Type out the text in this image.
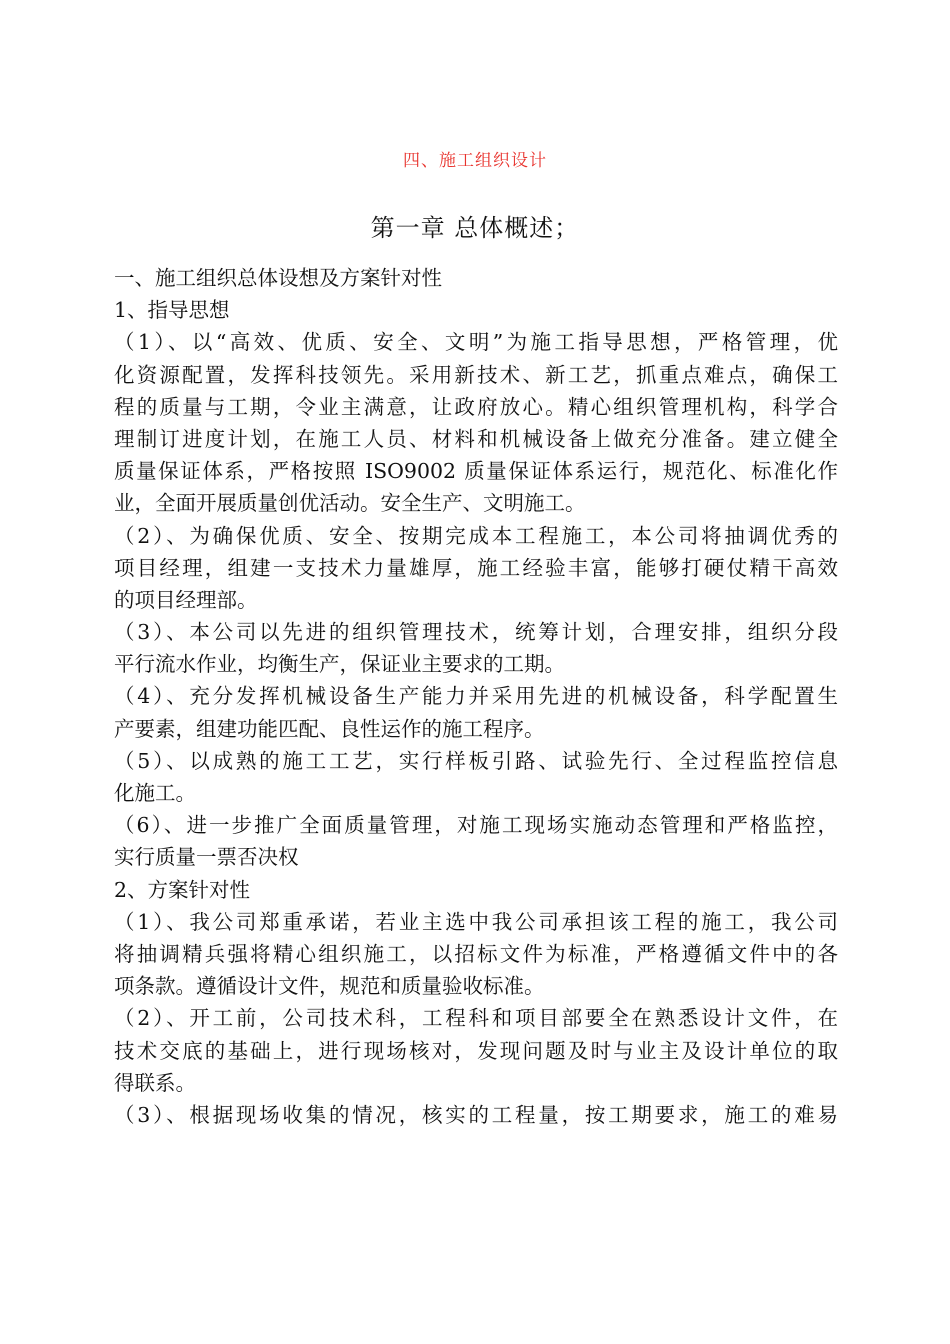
四、施工组织设计
第一章 总体概述；
一、施工组织总体设想及方案针对性
1、指导思想
（1）、以“高效、优质、安全、文明”为施工指导思想，严格管理，优
化资源配置，发挥科技领先。采用新技术、新工艺，抓重点难点，确保工
程的质量与工期，令业主满意，让政府放心。精心组织管理机构，科学合
理制订进度计划，在施工人员、材料和机械设备上做充分准备。建立健全
质量保证体系，严格按照 ISO9002 质量保证体系运行，规范化、标准化作
业，全面开展质量创优活动。安全生产、文明施工。
（2）、为确保优质、安全、按期完成本工程施工，本公司将抽调优秀的
项目经理，组建一支技术力量雄厚，施工经验丰富，能够打硬仗精干高效
的项目经理部。
（3）、本公司以先进的组织管理技术，统筹计划，合理安排，组织分段
平行流水作业，均衡生产，保证业主要求的工期。
（4）、充分发挥机械设备生产能力并采用先进的机械设备，科学配置生
产要素，组建功能匹配、良性运作的施工程序。
（5）、以成熟的施工工艺，实行样板引路、试验先行、全过程监控信息
化施工。
（6）、进一步推广全面质量管理，对施工现场实施动态管理和严格监控，
实行质量一票否决权
2、方案针对性
（1）、我公司郑重承诺，若业主选中我公司承担该工程的施工，我公司
将抽调精兵强将精心组织施工，以招标文件为标准，严格遵循文件中的各
项条款。遵循设计文件，规范和质量验收标准。
（2）、开工前，公司技术科，工程科和项目部要全在熟悉设计文件，在
技术交底的基础上，进行现场核对，发现问题及时与业主及设计单位的取
得联系。
（3）、根据现场收集的情况，核实的工程量，按工期要求，施工的难易
